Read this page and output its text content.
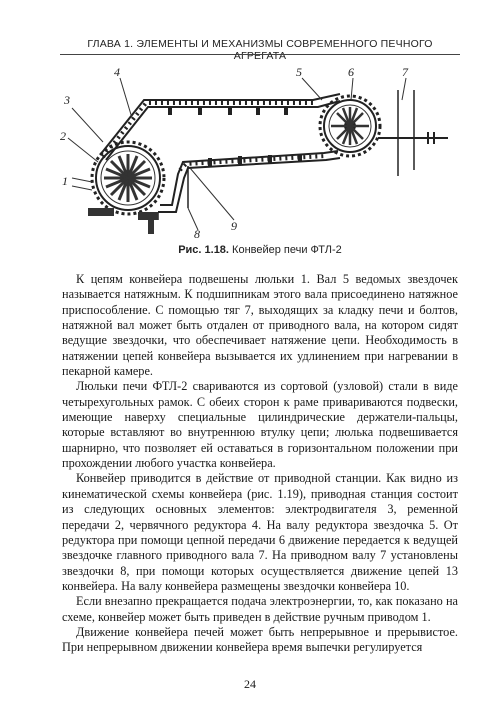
ГЛАВА 1. ЭЛЕМЕНТЫ И МЕХАНИЗМЫ СОВРЕМЕННОГО ПЕЧНОГО АГРЕГАТА
1
2
3
4	5	6	7
8
9
Рис. 1.18. Конвейер печи ФТЛ-2

К цепям конвейера подвешены люльки 1. Вал 5 ведомых звездочек называется натяжным. К подшипникам этого вала присоединено натяжное приспособление. С помощью тяг 7, выходящих за кладку печи и болтов, натяжной вал может быть отдален от приводного вала, на котором сидят ведущие звездочки, что обеспечивает натяжение цепи. Необходимость в натяжении цепей конвейера вызывается их удлинением при нагревании в пекарной камере.

Люльки печи ФТЛ-2 свариваются из сортовой (узловой) стали в виде четырехугольных рамок. С обеих сторон к раме привариваются подвески, имеющие наверху специальные цилиндрические держатели-пальцы, которые вставляют во внутреннюю втулку цепи; люлька подвешивается шарнирно, что позволяет ей оставаться в горизонтальном положении при прохождении любого участка конвейера.

Конвейер приводится в действие от приводной станции. Как видно из кинематической схемы конвейера (рис. 1.19), приводная станция состоит из следующих основных элементов: электродвигателя 3, ременной передачи 2, червячного редуктора 4. На валу редуктора звездочка 5. От редуктора при помощи цепной передачи 6 движение передается к ведущей звездочке главного приводного вала 7. На приводном валу 7 установлены звездочки 8, при помощи которых осуществляется движение цепей 13 конвейера. На валу конвейера размещены звездочки конвейера 10.

Если внезапно прекращается подача электроэнергии, то, как показано на схеме, конвейер может быть приведен в действие ручным приводом 1.

Движение конвейера печей может быть непрерывное и прерывистое. При непрерывном движении конвейера время выпечки регулируется

24
